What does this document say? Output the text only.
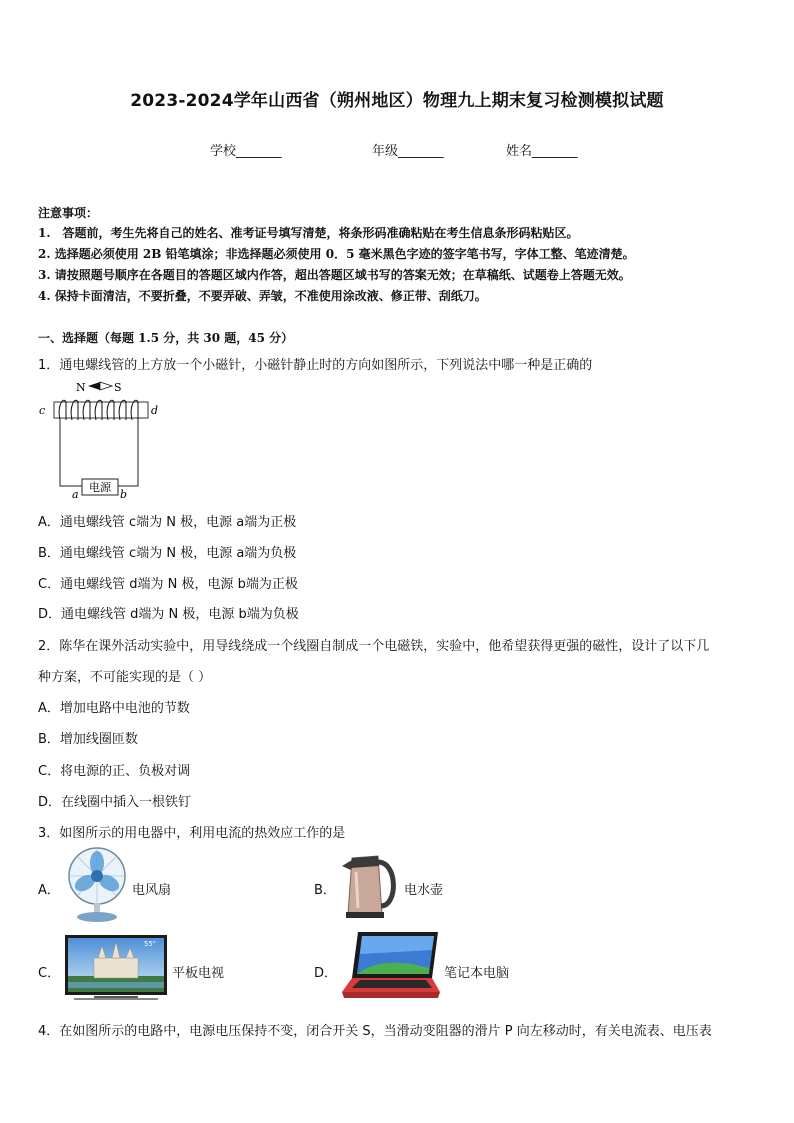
2023-2024学年山西省（朔州地区）物理九上期末复习检测模拟试题
学校_______	年级_______	姓名_______
注意事项：
1.　答题前，考生先将自己的姓名、准考证号填写清楚，将条形码准确粘贴在考生信息条形码粘贴区。
2. 选择题必须使用 2B 铅笔填涂；非选择题必须使用 0．5 毫米黑色字迹的签字笔书写，字体工整、笔迹清楚。
3. 请按照题号顺序在各题目的答题区域内作答，超出答题区域书写的答案无效；在草稿纸、试题卷上答题无效。
4. 保持卡面清洁，不要折叠，不要弄破、弄皱，不准使用涂改液、修正带、刮纸刀。
一、选择题（每题 1.5 分，共 30 题，45 分）
1．通电螺线管的上方放一个小磁针，小磁针静止时的方向如图所示，下列说法中哪一种是正确的
N	S
c	d
电源
a	b
A．通电螺线管 c端为 N 极，电源 a端为正极
B．通电螺线管 c端为 N 极，电源 a端为负极
C．通电螺线管 d端为 N 极，电源 b端为正极
D．通电螺线管 d端为 N 极，电源 b端为负极
2．陈华在课外活动实验中，用导线绕成一个线圈自制成一个电磁铁，实验中，他希望获得更强的磁性，设计了以下几
种方案，不可能实现的是（ ）
A．增加电路中电池的节数
B．增加线圈匝数
C．将电源的正、负极对调
D．在线圈中插入一根铁钉
3．如图所示的用电器中，利用电流的热效应工作的是
A．	电风扇	B．	电水壶
C．
55"
平板电视	D．	笔记本电脑
4．在如图所示的电路中，电源电压保持不变，闭合开关 S，当滑动变阻器的滑片 P 向左移动时，有关电流表、电压表
